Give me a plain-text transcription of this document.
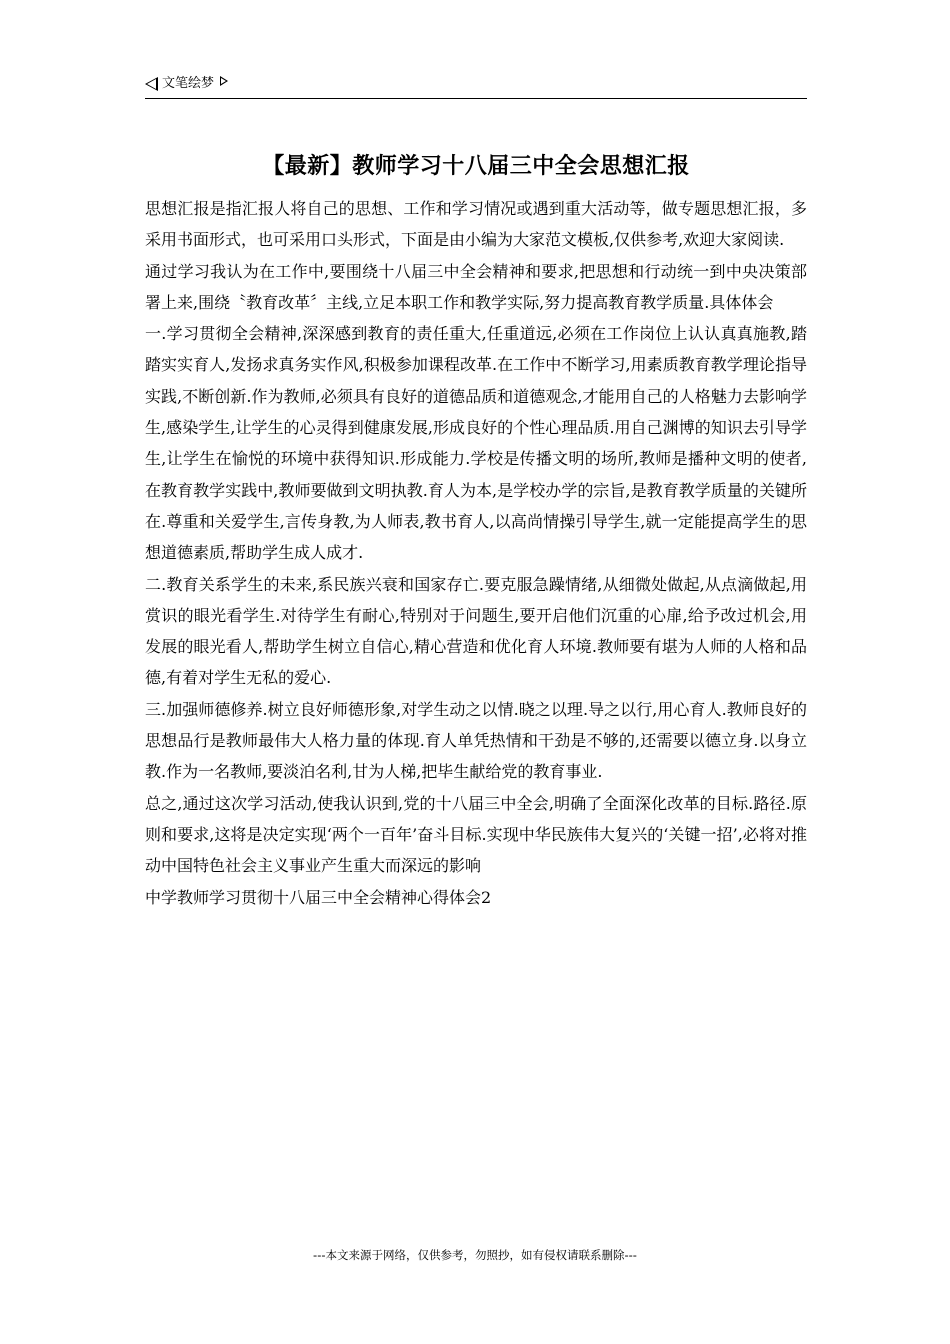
文笔绘梦
【最新】教师学习十八届三中全会思想汇报

思想汇报是指汇报人将自己的思想、工作和学习情况或遇到重大活动等，做专题思想汇报，多采用书面形式，也可采用口头形式，下面是由小编为大家范文模板,仅供参考,欢迎大家阅读.

通过学习我认为在工作中,要围绕十八届三中全会精神和要求,把思想和行动统一到中央决策部署上来,围绕〝教育改革〞主线,立足本职工作和教学实际,努力提高教育教学质量.具体体会

一.学习贯彻全会精神,深深感到教育的责任重大,任重道远,必须在工作岗位上认认真真施教,踏踏实实育人,发扬求真务实作风,积极参加课程改革.在工作中不断学习,用素质教育教学理论指导实践,不断创新.作为教师,必须具有良好的道德品质和道德观念,才能用自己的人格魅力去影响学生,感染学生,让学生的心灵得到健康发展,形成良好的个性心理品质.用自己渊博的知识去引导学生,让学生在愉悦的环境中获得知识.形成能力.学校是传播文明的场所,教师是播种文明的使者,在教育教学实践中,教师要做到文明执教.育人为本,是学校办学的宗旨,是教育教学质量的关键所在.尊重和关爱学生,言传身教,为人师表,教书育人,以高尚情操引导学生,就一定能提高学生的思想道德素质,帮助学生成人成才.

二.教育关系学生的未来,系民族兴衰和国家存亡.要克服急躁情绪,从细微处做起,从点滴做起,用赏识的眼光看学生.对待学生有耐心,特别对于问题生,要开启他们沉重的心扉,给予改过机会,用发展的眼光看人,帮助学生树立自信心,精心营造和优化育人环境.教师要有堪为人师的人格和品德,有着对学生无私的爱心.

三.加强师德修养.树立良好师德形象,对学生动之以情.晓之以理.导之以行,用心育人.教师良好的思想品行是教师最伟大人格力量的体现.育人单凭热情和干劲是不够的,还需要以德立身.以身立教.作为一名教师,要淡泊名利,甘为人梯,把毕生献给党的教育事业.

总之,通过这次学习活动,使我认识到,党的十八届三中全会,明确了全面深化改革的目标.路径.原则和要求,这将是决定实现‘两个一百年’奋斗目标.实现中华民族伟大复兴的‘关键一招’,必将对推动中国特色社会主义事业产生重大而深远的影响

中学教师学习贯彻十八届三中全会精神心得体会2

---本文来源于网络，仅供参考，勿照抄，如有侵权请联系删除---
